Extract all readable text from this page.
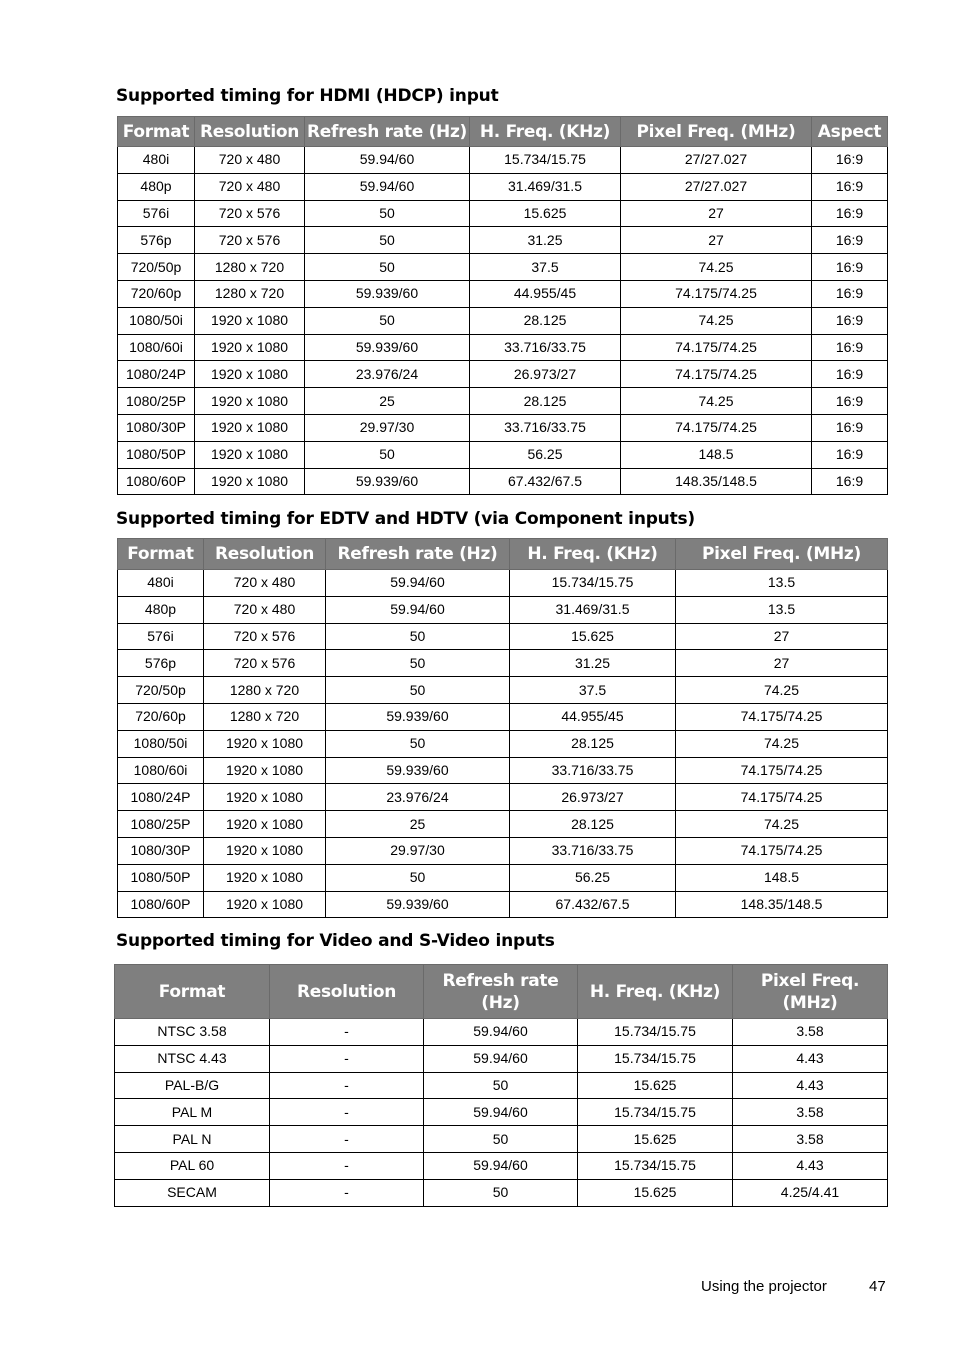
Supported timing for HDMI (HDCP) input
Format	Resolution	Refresh rate (Hz)	H. Freq. (KHz)	Pixel Freq. (MHz)	Aspect
480i	720 x 480	59.94/60	15.734/15.75	27/27.027	16:9
480p	720 x 480	59.94/60	31.469/31.5	27/27.027	16:9
576i	720 x 576	50	15.625	27	16:9
576p	720 x 576	50	31.25	27	16:9
720/50p	1280 x 720	50	37.5	74.25	16:9
720/60p	1280 x 720	59.939/60	44.955/45	74.175/74.25	16:9
1080/50i	1920 x 1080	50	28.125	74.25	16:9
1080/60i	1920 x 1080	59.939/60	33.716/33.75	74.175/74.25	16:9
1080/24P	1920 x 1080	23.976/24	26.973/27	74.175/74.25	16:9
1080/25P	1920 x 1080	25	28.125	74.25	16:9
1080/30P	1920 x 1080	29.97/30	33.716/33.75	74.175/74.25	16:9
1080/50P	1920 x 1080	50	56.25	148.5	16:9
1080/60P	1920 x 1080	59.939/60	67.432/67.5	148.35/148.5	16:9
Supported timing for EDTV and HDTV (via Component inputs)
Format	Resolution	Refresh rate (Hz)	H. Freq. (KHz)	Pixel Freq. (MHz)
480i	720 x 480	59.94/60	15.734/15.75	13.5
480p	720 x 480	59.94/60	31.469/31.5	13.5
576i	720 x 576	50	15.625	27
576p	720 x 576	50	31.25	27
720/50p	1280 x 720	50	37.5	74.25
720/60p	1280 x 720	59.939/60	44.955/45	74.175/74.25
1080/50i	1920 x 1080	50	28.125	74.25
1080/60i	1920 x 1080	59.939/60	33.716/33.75	74.175/74.25
1080/24P	1920 x 1080	23.976/24	26.973/27	74.175/74.25
1080/25P	1920 x 1080	25	28.125	74.25
1080/30P	1920 x 1080	29.97/30	33.716/33.75	74.175/74.25
1080/50P	1920 x 1080	50	56.25	148.5
1080/60P	1920 x 1080	59.939/60	67.432/67.5	148.35/148.5
Supported timing for Video and S-Video inputs
Format	Resolution	Refresh rate (Hz)	H. Freq. (KHz)	Pixel Freq. (MHz)
NTSC 3.58	-	59.94/60	15.734/15.75	3.58
NTSC 4.43	-	59.94/60	15.734/15.75	4.43
PAL-B/G	-	50	15.625	4.43
PAL M	-	59.94/60	15.734/15.75	3.58
PAL N	-	50	15.625	3.58
PAL 60	-	59.94/60	15.734/15.75	4.43
SECAM	-	50	15.625	4.25/4.41
Using the projector	47
